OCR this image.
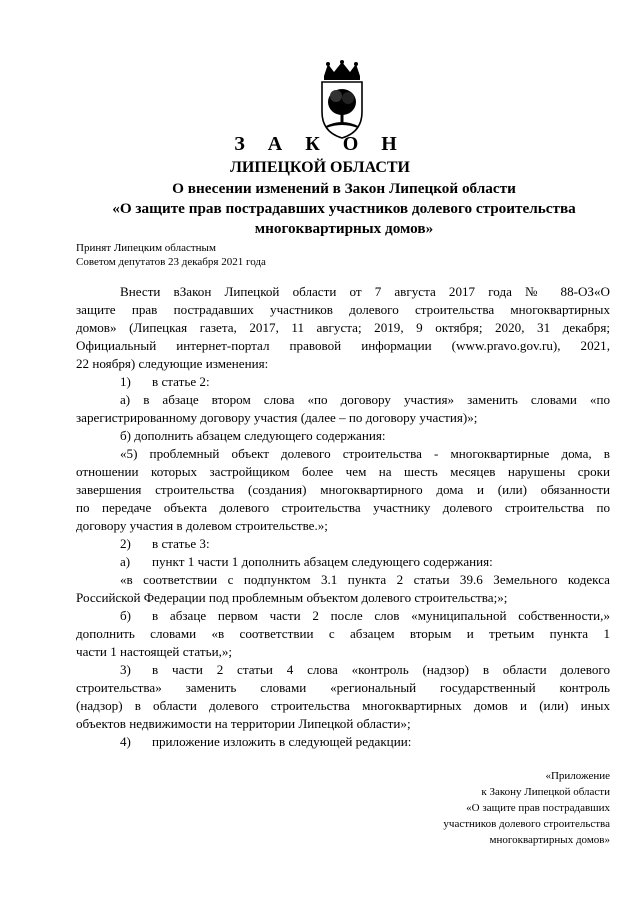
З А К О Н
ЛИПЕЦКОЙ ОБЛАСТИ
О внесении изменений в Закон Липецкой области
«О защите прав пострадавших участников долевого строительства
многоквартирных домов»
Принят Липецким областным
Советом депутатов 23 декабря 2021 года
Внести вЗакон Липецкой области от 7 августа 2017 года № 88-ОЗ«О
защите прав пострадавших участников долевого строительства многоквартирных
домов» (Липецкая газета, 2017, 11 августа; 2019, 9 октября; 2020, 31 декабря;
Официальный интернет-портал правовой информации (www.pravo.gov.ru), 2021,
22 ноября) следующие изменения:
1) в статье 2:
а) в абзаце втором слова «по договору участия» заменить словами «по
зарегистрированному договору участия (далее – по договору участия)»;
б) дополнить абзацем следующего содержания:
«5) проблемный объект долевого строительства - многоквартирные дома, в
отношении которых застройщиком более чем на шесть месяцев нарушены сроки
завершения строительства (создания) многоквартирного дома и (или) обязанности
по передаче объекта долевого строительства участнику долевого строительства по
договору участия в долевом строительстве.»;
2) в статье 3:
а) пункт 1 части 1 дополнить абзацем следующего содержания:
«в соответствии с подпунктом 3.1 пункта 2 статьи 39.6 Земельного кодекса
Российской Федерации под проблемным объектом долевого строительства;»;
б) в абзаце первом части 2 после слов «муниципальной собственности,»
дополнить словами «в соответствии с абзацем вторым и третьим пункта 1
части 1 настоящей статьи,»;
3) в части 2 статьи 4 слова «контроль (надзор) в области долевого
строительства» заменить словами «региональный государственный контроль
(надзор) в области долевого строительства многоквартирных домов и (или) иных
объектов недвижимости на территории Липецкой области»;
4) приложение изложить в следующей редакции:
«Приложение
к Закону Липецкой области
«О защите прав пострадавших
участников долевого строительства
многоквартирных домов»
